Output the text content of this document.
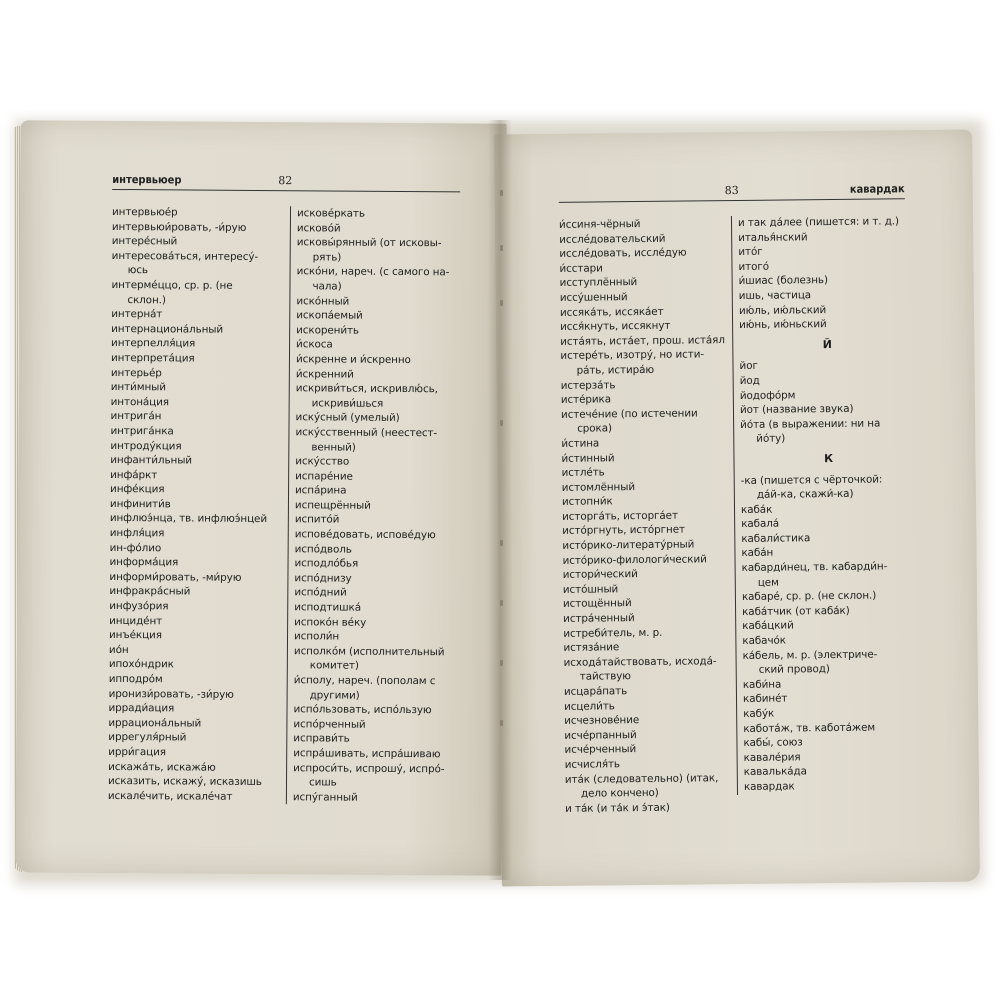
интервьюер	82
интервьюе́р
интервьюи́ровать, -и́рую
интере́сный
интересова́ться, интересу́-
юсь
интерме́ццо, ср. р. (не
склон.)
интерна́т
интернациона́льный
интерпелля́ция
интерпрета́ция
интерье́р
инти́мный
интона́ция
интрига́н
интрига́нка
интроду́кция
инфанти́льный
инфа́ркт
инфе́кция
инфинити́в
инфлюэ́нца, тв. инфлюэ́нцей
инфля́ция
ин-фо́лио
информа́ция
информи́ровать, -ми́рую
инфракра́сный
инфузо́рия
инциде́нт
инъе́кция
ио́н
ипохо́ндрик
ипподро́м
иронизи́ровать, -зи́рую
ирради́ация
иррациона́льный
иррегуля́рный
ирри́гация
искажа́ть, искажа́ю
исказить, искажу́, исказишь
искале́чить, искале́чат
искове́ркать
исково́й
исковы́рянный (от исковы-
рять)
иско́ни, нареч. (с самого на-
чала)
иско́нный
ископа́емый
искорени́ть
и́скоса
и́скренне и и́скренно
и́скренний
искриви́ться, искривлю́сь,
искриви́шься
иску́сный (умелый)
иску́сственный (неестест-
венный)
иску́сство
испаре́ние
испа́рина
испещрённый
испито́й
испове́довать, испове́дую
испо́дволь
исподло́бья
испо́днизу
испо́дний
исподтишка́
испоко́н ве́ку
исполи́н
исполко́м (исполнительный
комитет)
и́сполу, нареч. (пополам с
другими)
испо́льзовать, испо́льзую
испо́рченный
исправи́ть
испра́шивать, испра́шиваю
испроси́ть, испрошу́, испро́-
сишь
испу́ганный
83	кавардак
и́ссиня-чёрный
иссле́довательский
иссле́довать, иссле́дую
и́сстари
исступлённый
иссу́шенный
иссяка́ть, иссяка́ет
исся́кнуть, иссякнут
иста́ять, иста́ет, прош. иста́ял
истере́ть, изотру́, но исти-
ра́ть, истира́ю
истерза́ть
исте́рика
истече́ние (по истечении
срока)
и́стина
и́стинный
истле́ть
истомлённый
истопни́к
исторга́ть, исторга́ет
исто́ргнуть, исто́ргнет
исто́рико-литерату́рный
исто́рико-филологи́ческий
истори́ческий
исто́шный
истощённый
истра́ченный
истреби́тель, м. р.
истяза́ние
исхода́тайствовать, исхода́-
тайствую
исцара́пать
исцели́ть
исчезнове́ние
исче́рпанный
исче́рченный
исчисля́ть
ита́к (следовательно) (итак,
дело кончено)
и та́к (и та́к и э́так)
и так да́лее (пишется: и т. д.)
италья́нский
ито́г
итого́
и́шиас (болезнь)
ишь, частица
ию́ль, ию́льский
ию́нь, ию́ньский
Й
йог
йод
йодофо́рм
йот (название звука)
йо́та (в выражении: ни на
йо́ту)
К
-ка (пишется с чёрточкой:
да́й-ка, скажи́-ка)
каба́к
кабала́
кабали́стика
каба́н
кабарди́нец, тв. кабарди́н-
цем
кабаре́, ср. р. (не склон.)
каба́тчик (от каба́к)
каба́цкий
кабачо́к
ка́бель, м. р. (электриче-
ский провод)
каби́на
кабине́т
кабу́к
кабота́ж, тв. кабота́жем
кабы́, союз
кавале́рия
кавалька́да
кавардак
